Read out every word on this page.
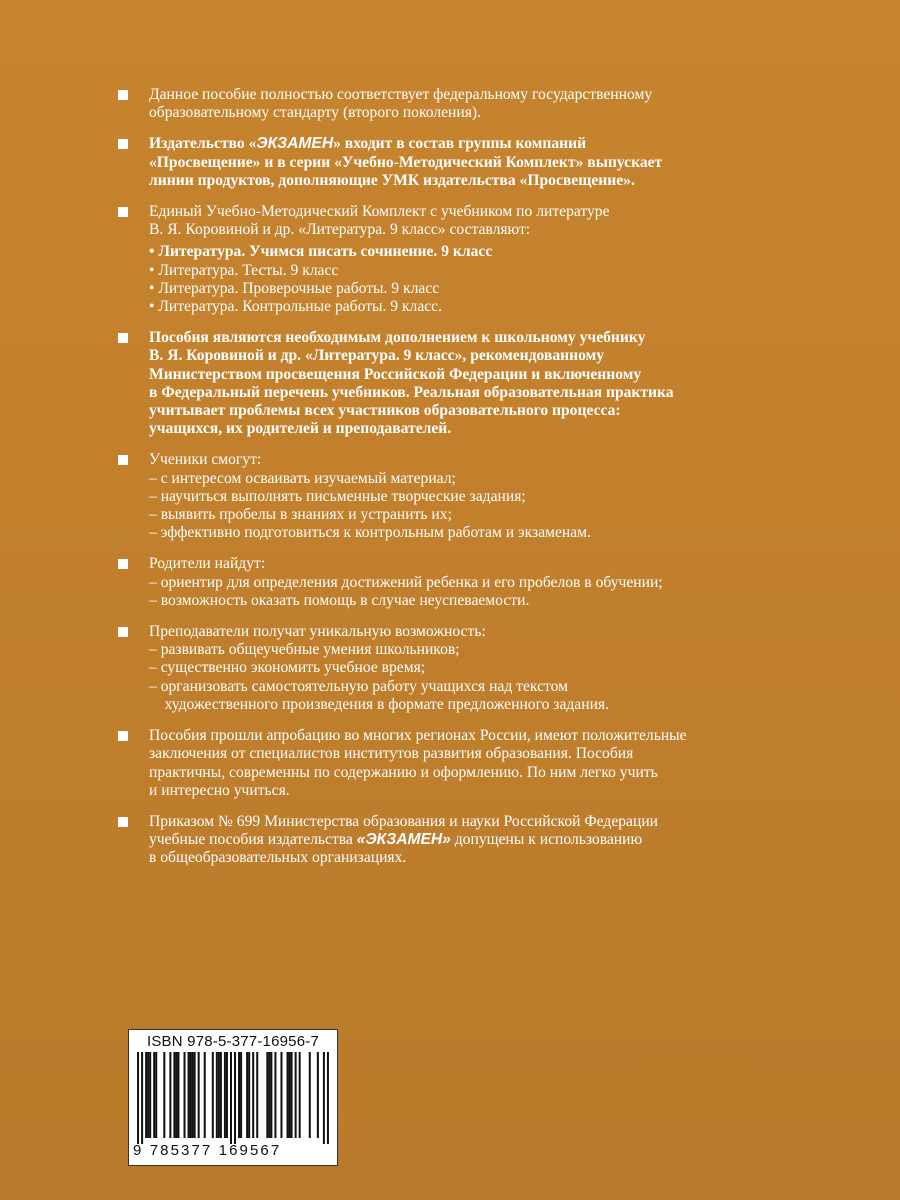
Данное пособие полностью соответствует федеральному государственному
образовательному стандарту (второго поколения).
Издательство «ЭКЗАМЕН» входит в состав группы компаний
«Просвещение» и в серии «Учебно-Методический Комплект» выпускает
линии продуктов, дополняющие УМК издательства «Просвещение».
Единый Учебно-Методический Комплект с учебником по литературе
В. Я. Коровиной и др. «Литература. 9 класс» составляют:
• Литература. Учимся писать сочинение. 9 класс
• Литература. Тесты. 9 класс
• Литература. Проверочные работы. 9 класс
• Литература. Контрольные работы. 9 класс.
Пособия являются необходимым дополнением к школьному учебнику
В. Я. Коровиной и др. «Литература. 9 класс», рекомендованному
Министерством просвещения Российской Федерации и включенному
в Федеральный перечень учебников. Реальная образовательная практика
учитывает проблемы всех участников образовательного процесса:
учащихся, их родителей и преподавателей.
Ученики смогут:
– с интересом осваивать изучаемый материал;
– научиться выполнять письменные творческие задания;
– выявить пробелы в знаниях и устранить их;
– эффективно подготовиться к контрольным работам и экзаменам.
Родители найдут:
– ориентир для определения достижений ребенка и его пробелов в обучении;
– возможность оказать помощь в случае неуспеваемости.
Преподаватели получат уникальную возможность:
– развивать общеучебные умения школьников;
– существенно экономить учебное время;
– организовать самостоятельную работу учащихся над текстом
художественного произведения в формате предложенного задания.
Пособия прошли апробацию во многих регионах России, имеют положительные
заключения от специалистов институтов развития образования. Пособия
практичны, современны по содержанию и оформлению. По ним легко учить
и интересно учиться.
Приказом № 699 Министерства образования и науки Российской Федерации
учебные пособия издательства «ЭКЗАМЕН» допущены к использованию
в общеобразовательных организациях.
ISBN 978-5-377-16956-7
9 785377 169567
